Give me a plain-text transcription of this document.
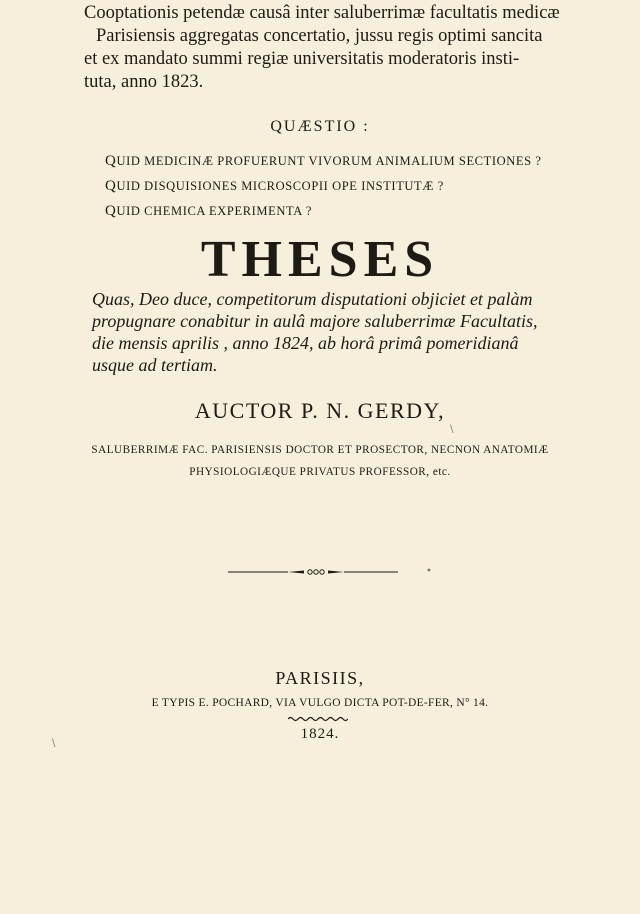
Cooptationis petendæ causâ inter saluberrimæ facultatis medicæ
Parisiensis aggregatas concertatio, jussu regis optimi sancita
et ex mandato summi regiæ universitatis moderatoris insti-
tuta, anno 1823.
QUÆSTIO :
QUID MEDICINÆ PROFUERUNT VIVORUM ANIMALIUM SECTIONES ?
QUID DISQUISIONES MICROSCOPII OPE INSTITUTÆ ?
QUID CHEMICA EXPERIMENTA ?
THESES
Quas, Deo duce, competitorum disputationi objiciet et palàm
propugnare conabitur in aulâ majore saluberrimæ Facultatis,
die mensis aprilis , anno 1824, ab horâ primâ pomeridianâ
usque ad tertiam.
AUCTOR P. N. GERDY,
SALUBERRIMÆ FAC. PARISIENSIS DOCTOR ET PROSECTOR, NECNON ANATOMIÆ
PHYSIOLOGIÆQUE PRIVATUS PROFESSOR, etc.
•
\
\
PARISIIS,
E TYPIS E. POCHARD, VIA VULGO DICTA POT-DE-FER, N° 14.
1824.
